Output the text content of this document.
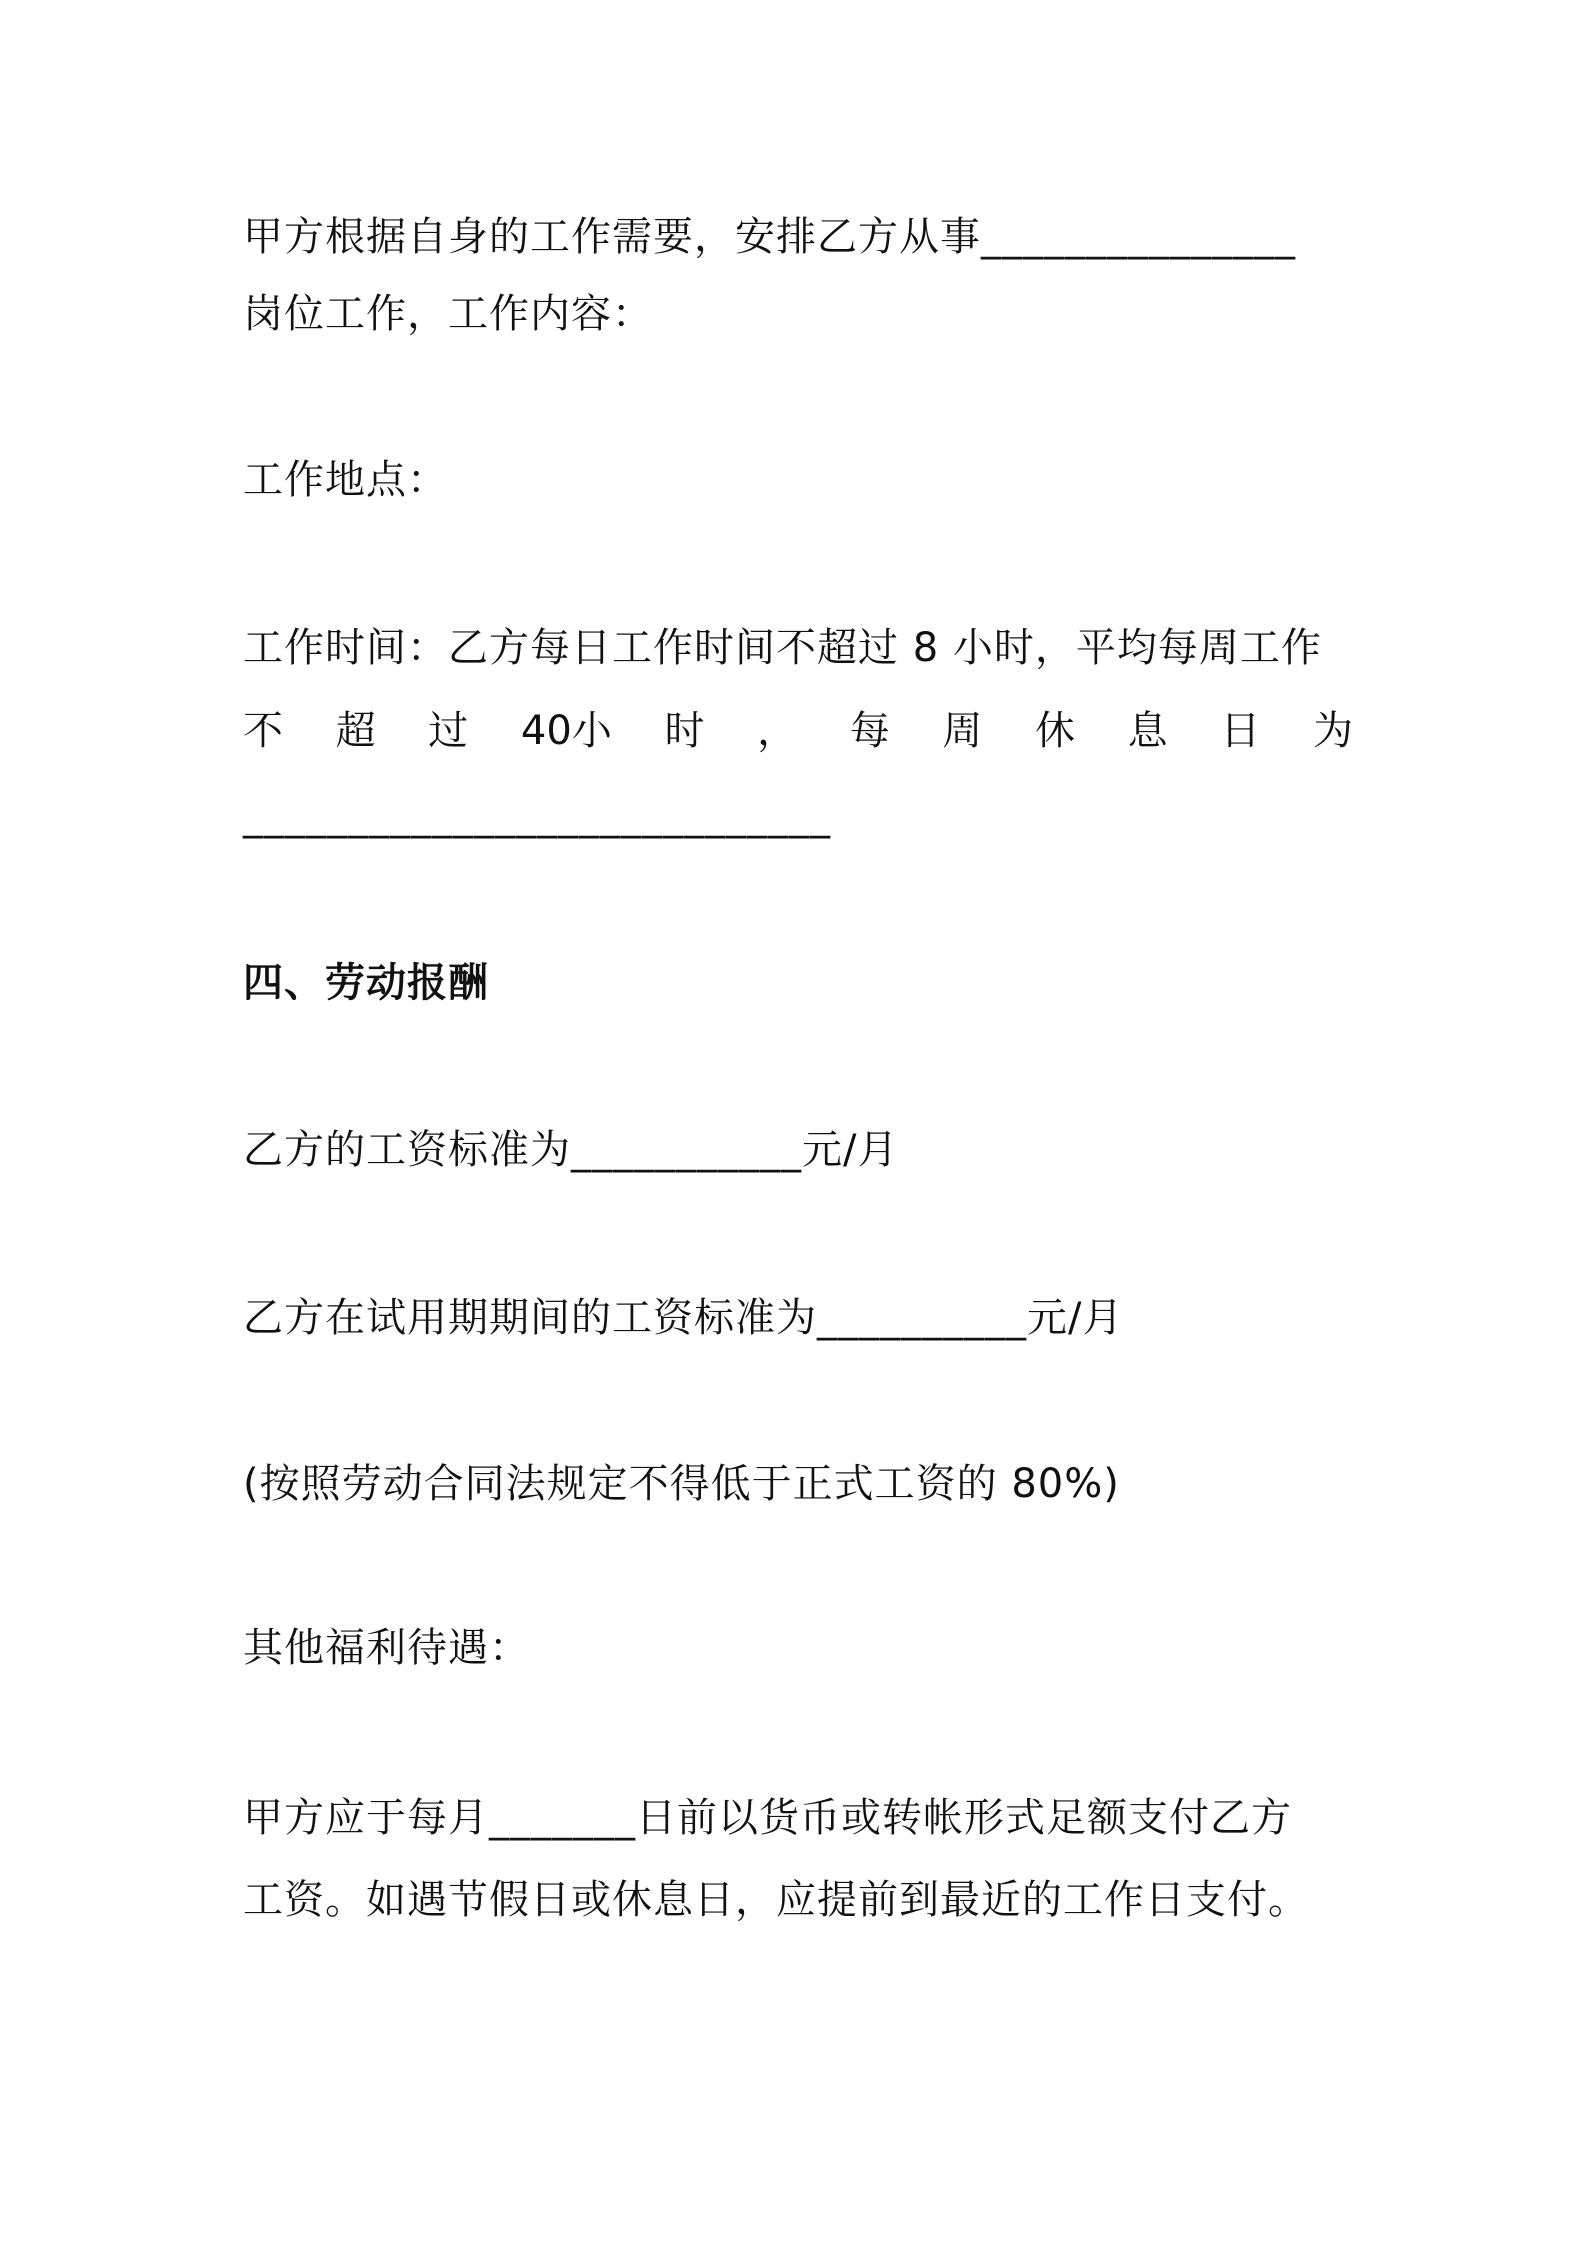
甲方根据自身的工作需要，安排乙方从事_______________
岗位工作，工作内容：
工作地点：
工作时间：乙方每日工作时间不超过 8 小时，平均每周工作
不 超 过 40小 时 ， 每 周 休 息 日 为
____________________________
四、劳动报酬
乙方的工资标准为___________元/月
乙方在试用期期间的工资标准为__________元/月
(按照劳动合同法规定不得低于正式工资的 80%)
其他福利待遇：
甲方应于每月_______日前以货币或转帐形式足额支付乙方
工资。如遇节假日或休息日，应提前到最近的工作日支付。
